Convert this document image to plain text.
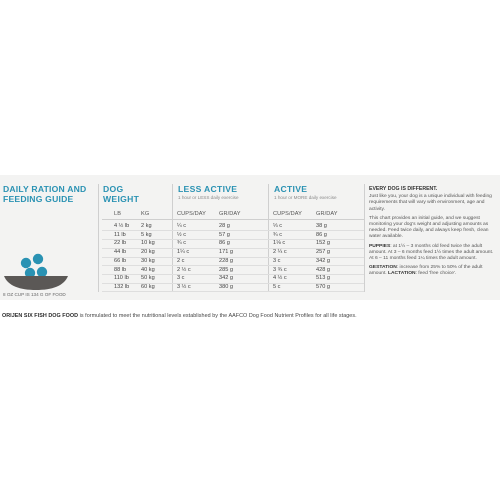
DAILY RATION AND
FEEDING GUIDE
8 OZ CUP IS 134 G OF FOOD
DOG
WEIGHT
LESS ACTIVE
1 hour or LESS daily exercise
ACTIVE
1 hour or MORE daily exercise
LB	KG	CUPS/DAY GR/DAY	CUPS/DAY	GR/DAY
4 ½ lb 2 kg	¼ c	28 g	⅓ c	38 g
11 lb	5 kg	½ c	57 g	¾ c	86 g
22 lb	10 kg	¾ c	86 g	1⅛ c	152 g
44 lb	20 kg	1¼ c	171 g	2 ¼ c	257 g
66 lb	30 kg	2 c	228 g	3 c	342 g
88 lb	40 kg	2 ½ c	285 g	3 ¾ c	428 g
110 lb 50 kg	3 c	342 g	4 ½ c	513 g
132 lb 60 kg	3 ½ c	380 g	5 c	570 g
EVERY DOG IS DIFFERENT.

Just like you, your dog is a unique individual with feeding requirements that will vary with environment, age and activity.

This chart provides an initial guide, and we suggest monitoring your dog's weight and adjusting amounts as needed. Feed twice daily, and always keep fresh, clean water available.

PUPPIES: at 1½ – 3 months old feed twice the adult amount. At 3 – 6 months feed 1½ times the adult amount. At 6 – 11 months feed 1¼ times the adult amount.

GESTATION: increase from 25% to 50% of the adult amount. LACTATION: feed 'free choice'.

ORIJEN SIX FISH DOG FOOD is formulated to meet the nutritional levels established by the AAFCO Dog Food Nutrient Profiles for all life stages.
